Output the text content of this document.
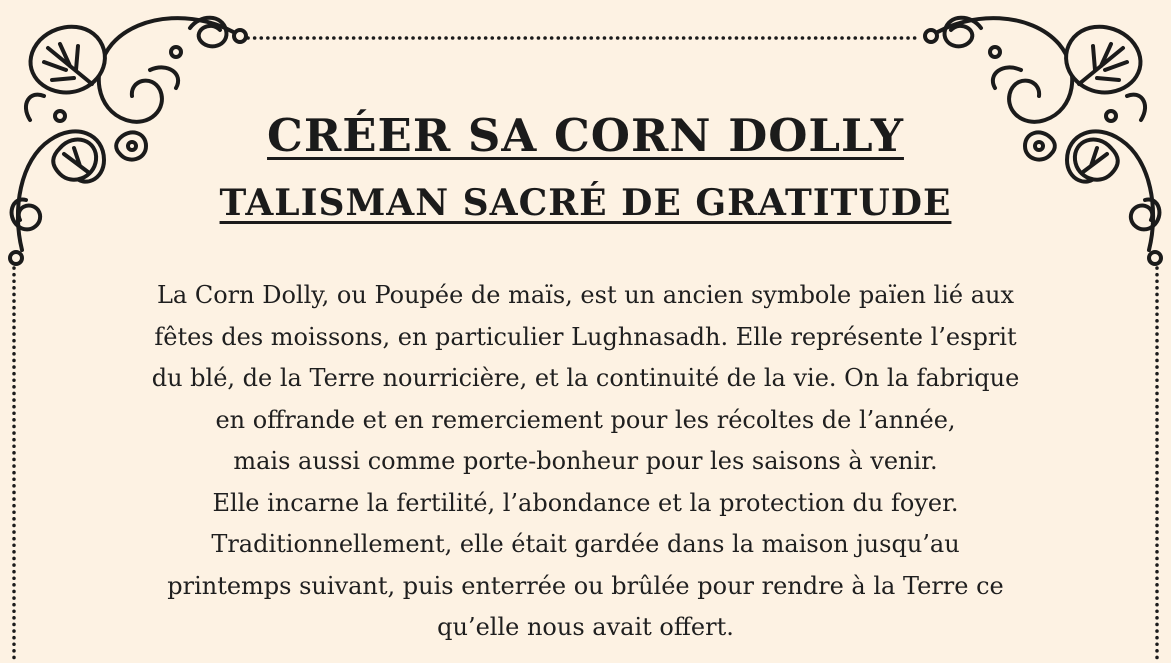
CRÉER SA CORN DOLLY
TALISMAN SACRÉ DE GRATITUDE
La Corn Dolly, ou Poupée de maïs, est un ancien symbole païen lié aux
fêtes des moissons, en particulier Lughnasadh. Elle représente l’esprit
du blé, de la Terre nourricière, et la continuité de la vie. On la fabrique
en offrande et en remerciement pour les récoltes de l’année,
mais aussi comme porte-bonheur pour les saisons à venir.
Elle incarne la fertilité, l’abondance et la protection du foyer.
Traditionnellement, elle était gardée dans la maison jusqu’au
printemps suivant, puis enterrée ou brûlée pour rendre à la Terre ce
qu’elle nous avait offert.
